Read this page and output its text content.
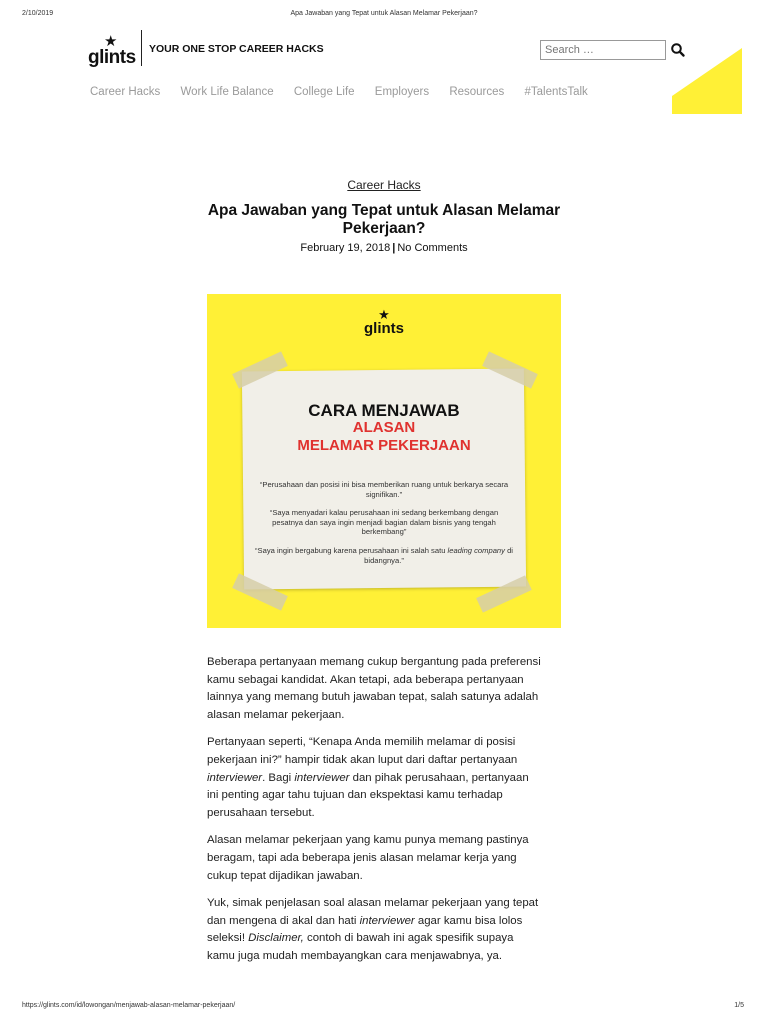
2/10/2019	Apa Jawaban yang Tepat untuk Alasan Melamar Pekerjaan?
★
glints YOUR ONE STOP CAREER HACKS
Search …
Career Hacks Work Life Balance College Life Employers Resources #TalentsTalk
Career Hacks
Apa Jawaban yang Tepat untuk Alasan Melamar Pekerjaan?
February 19, 2018 | No Comments
★
glints
CARA MENJAWAB
ALASAN
MELAMAR PEKERJAAN
“Perusahaan dan posisi ini bisa memberikan ruang untuk berkarya secara signifikan.”
“Saya menyadari kalau perusahaan ini sedang berkembang dengan pesatnya dan saya ingin menjadi bagian dalam bisnis yang tengah berkembang”
“Saya ingin bergabung karena perusahaan ini salah satu leading company di bidangnya.”

Beberapa pertanyaan memang cukup bergantung pada preferensi kamu sebagai kandidat. Akan tetapi, ada beberapa pertanyaan lainnya yang memang butuh jawaban tepat, salah satunya adalah alasan melamar pekerjaan.

Pertanyaan seperti, “Kenapa Anda memilih melamar di posisi pekerjaan ini?” hampir tidak akan luput dari daftar pertanyaan interviewer. Bagi interviewer dan pihak perusahaan, pertanyaan ini penting agar tahu tujuan dan ekspektasi kamu terhadap perusahaan tersebut.

Alasan melamar pekerjaan yang kamu punya memang pastinya beragam, tapi ada beberapa jenis alasan melamar kerja yang cukup tepat dijadikan jawaban.

Yuk, simak penjelasan soal alasan melamar pekerjaan yang tepat dan mengena di akal dan hati interviewer agar kamu bisa lolos seleksi! Disclaimer, contoh di bawah ini agak spesifik supaya kamu juga mudah membayangkan cara menjawabnya, ya.

https://glints.com/id/lowongan/menjawab-alasan-melamar-pekerjaan/	1/5
